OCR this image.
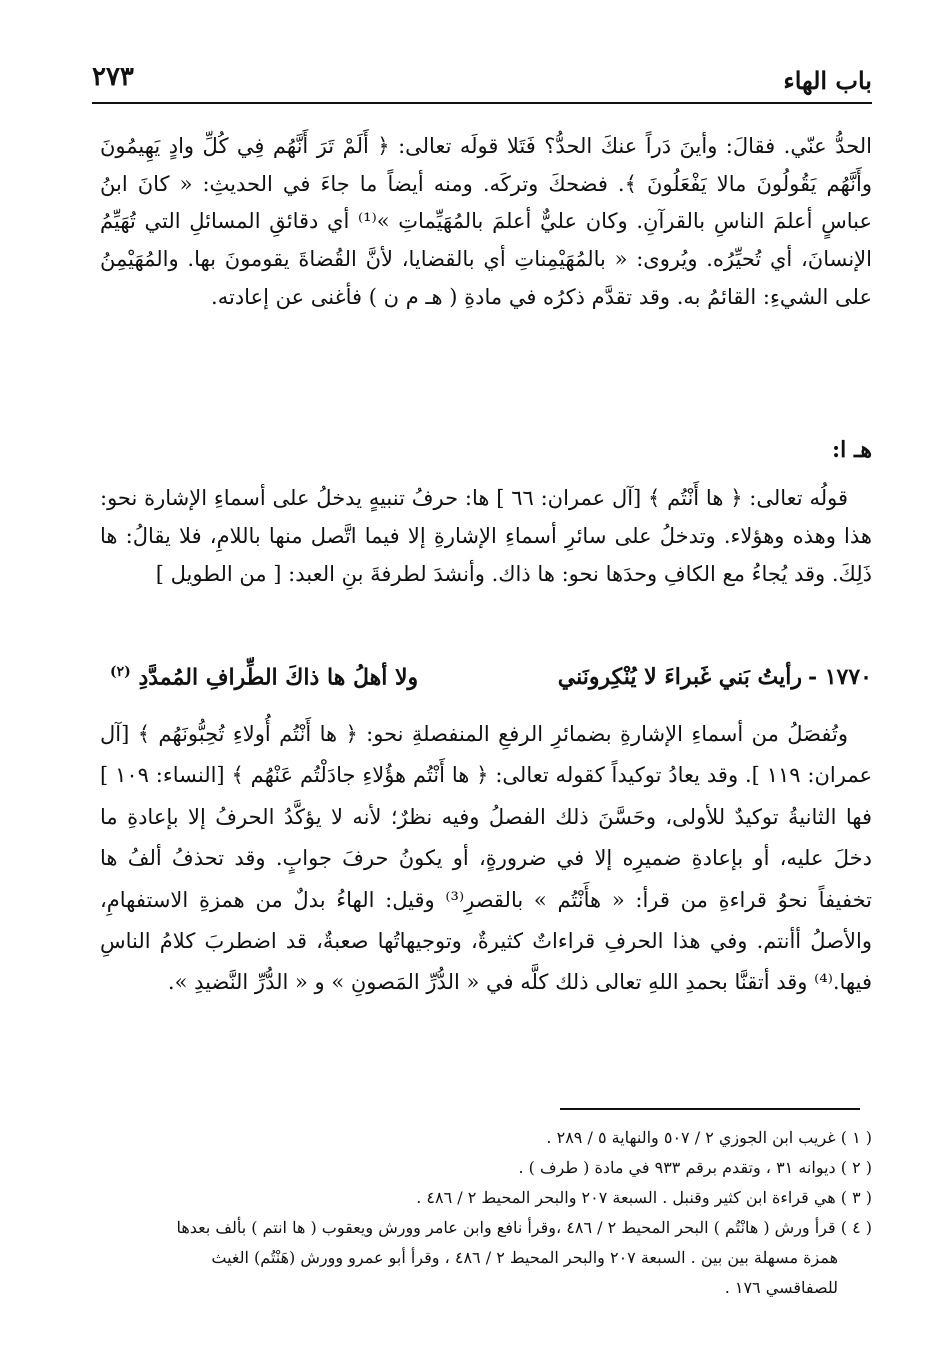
باب الهاء
٢٧٣

الحدُّ عنّي. فقالَ: وأينَ دَراً عنكَ الحدُّ؟ فَتَلا قولَه تعالى: ﴿ أَلَمْ تَرَ أَنَّهُم فِي كُلِّ وادٍ يَهِيمُونَ وأَنَّهُم يَقُولُونَ مالا يَفْعَلُونَ ﴾. فضحكَ وتركَه. ومنه أيضاً ما جاءَ في الحديثِ: « كانَ ابنُ عباسٍ أعلمَ الناسِ بالقرآنِ. وكان عليٌّ أعلمَ بالمُهَيِّماتِ »⁽¹⁾ أي دقائقِ المسائلِ التي تُهَيِّمُ الإنسانَ، أي تُحيِّرُه. ويُروى: « بالمُهَيْمِناتِ أي بالقضايا، لأنَّ القُضاةَ يقومونَ بها. والمُهَيْمِنُ على الشيءِ: القائمُ به. وقد تقدَّم ذكرُه في مادةِ ( هـ م ن ) فأغنى عن إعادته.

هـ ا:

قولُه تعالى: ﴿ ها أَنْتُم ﴾ [آل عمران: ٦٦ ] ها: حرفُ تنبيهٍ يدخلُ على أسماءِ الإشارة نحو: هذا وهذه وهؤلاء. وتدخلُ على سائرِ أسماءِ الإشارةِ إلا فيما اتَّصل منها باللامِ، فلا يقالُ: ها ذَلِكَ. وقد يُجاءُ مع الكافِ وحدَها نحو: ها ذاك. وأنشدَ لطرفةَ بنِ العبد: [ من الطويل ]

١٧٧٠ -
رأيتُ بَني غَبراءَ لا يُنْكِرونَني
ولا أهلُ ها ذاكَ الطِّرافِ المُمدَّدِ $^{(٢)}$

وتُفصَلُ من أسماءِ الإشارةِ بضمائرِ الرفعِ المنفصلةِ نحو: ﴿ ها أَنْتُم أُولاءِ تُحِبُّونَهُم ﴾ [آل عمران: ١١٩ ]. وقد يعادُ توكيداً كقوله تعالى: ﴿ ها أَنْتُم هؤُلاءِ جادَلْتُم عَنْهُم ﴾ [النساء: ١٠٩ ] فها الثانيةُ توكيدٌ للأولى، وحَسَّنَ ذلك الفصلُ وفيه نظرٌ؛ لأنه لا يؤكَّدُ الحرفُ إلا بإعادةِ ما دخلَ عليه، أو بإعادةِ ضميرِه إلا في ضرورةٍ، أو يكونُ حرفَ جوابٍ. وقد تحذفُ ألفُ ها تخفيفاً نحوُ قراءةِ من قرأ: « هأَنْتُم » بالقصرِ⁽³⁾ وقيل: الهاءُ بدلٌ من همزةِ الاستفهامِ، والأصلُ أأنتم. وفي هذا الحرفِ قراءاتٌ كثيرةٌ، وتوجيهاتُها صعبةٌ، قد اضطربَ كلامُ الناسِ فيها.⁽⁴⁾ وقد أتقنَّا بحمدِ اللهِ تعالى ذلك كلَّه في « الدُّرِّ المَصونِ » و « الدُّرِّ النَّضيدِ ».

( ١ ) غريب ابن الجوزي ٢ / ٥٠٧ والنهاية ٥ / ٢٨٩ .

( ٢ ) ديوانه ٣١ ، وتقدم برقم ٩٣٣ في مادة ( طرف ) .

( ٣ ) هي قراءة ابن كثير وقنبل . السبعة ٢٠٧ والبحر المحيط ٢ / ٤٨٦ .

( ٤ ) قرأ ورش ( هانْتُم ) البحر المحيط ٢ / ٤٨٦ ،وقرأ نافع وابن عامر وورش ويعقوب ( ها انتم ) بألف بعدها

همزة مسهلة بين بين . السبعة ٢٠٧ والبحر المحيط ٢ / ٤٨٦ ، وقرأ أبو عمرو وورش (هَنْتُم) الغيث

للصفاقسي ١٧٦ .
